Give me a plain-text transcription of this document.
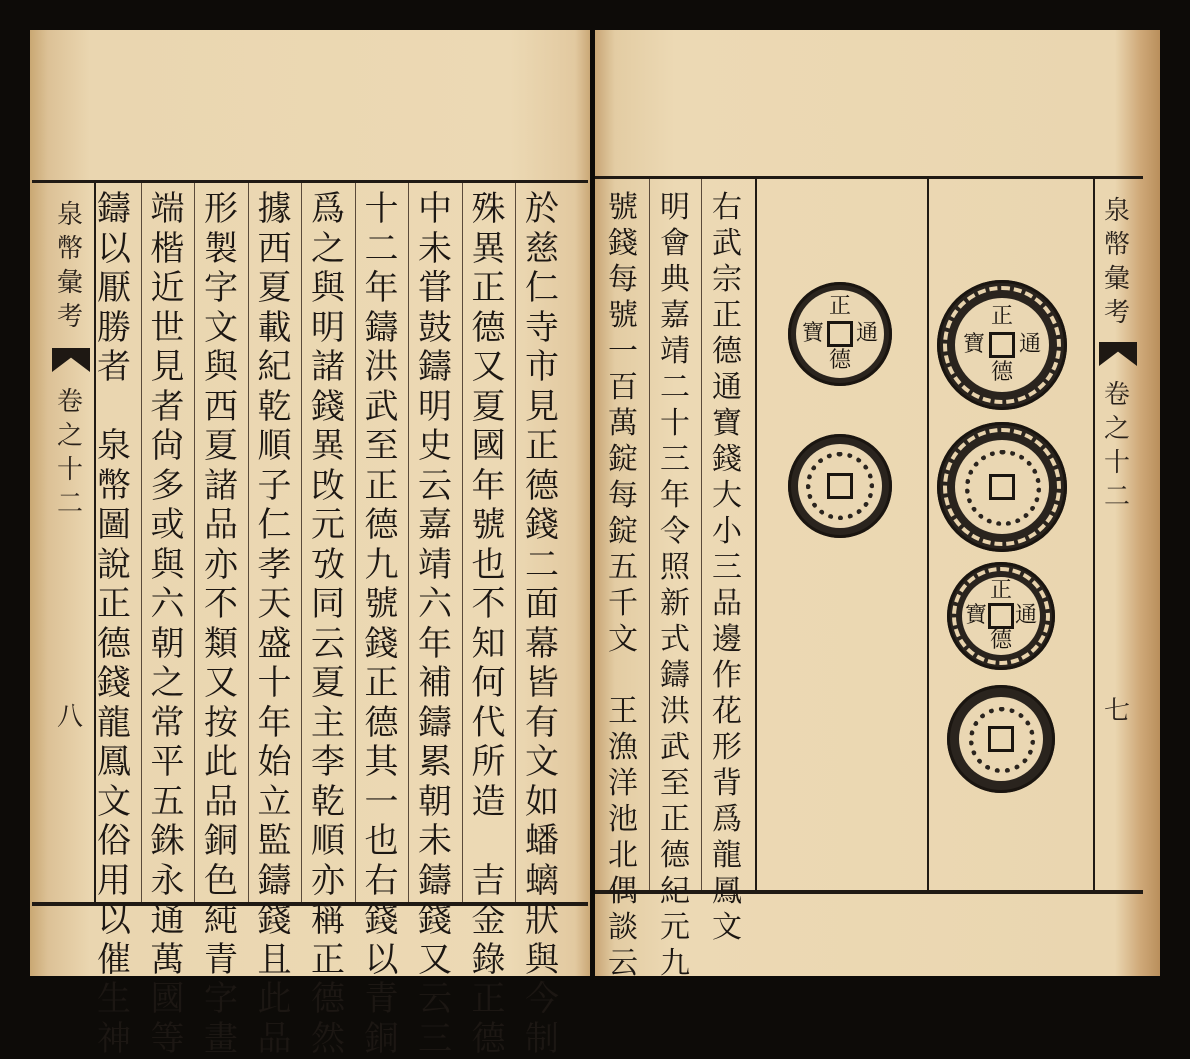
泉
幣
彙
考
卷
之
十
二
八
於
慈
仁
寺
市
見
正
德
錢
二
面
幕
皆
有
文
如
蟠
螭
狀
與
今
制
殊
異
正
德
又
夏
國
年
號
也
不
知
何
代
所
造

吉
金
錄
正
德
中
未
甞
鼓
鑄
明
史
云
嘉
靖
六
年
補
鑄
累
朝
未
鑄
錢
又
云
三
十
二
年
鑄
洪
武
至
正
德
九
號
錢
正
德
其
一
也
右
錢
以
青
銅
爲
之
與
明
諸
錢
異
攺
元
攷
同
云
夏
主
李
乾
順
亦
稱
正
德
然
據
西
夏
載
紀
乾
順
子
仁
孝
天
盛
十
年
始
立
監
鑄
錢
且
此
品
形
製
字
文
與
西
夏
諸
品
亦
不
類
又
按
此
品
銅
色
純
青
字
畫
端
楷
近
世
見
者
尙
多
或
與
六
朝
之
常
平
五
銖
永
通
萬
國
等
鑄
以
厭
勝
者

泉
幣
圖
說
正
德
錢
龍
鳳
文
俗
用
以
催
生
神
泉
幣
彙
考
卷
之
十
二
七
右
武
宗
正
德
通
寶
錢
大
小
三
品
邊
作
花
形
背
爲
龍
鳳
文
明
會
典
嘉
靖
二
十
三
年
令
照
新
式
鑄
洪
武
至
正
德
紀
元
九
號
錢
每
號
一
百
萬
錠
每
錠
五
千
文

王
漁
洋
池
北
偶
談
云
正
通
德
寶
正
通
德
寶
正
通
德
寶
